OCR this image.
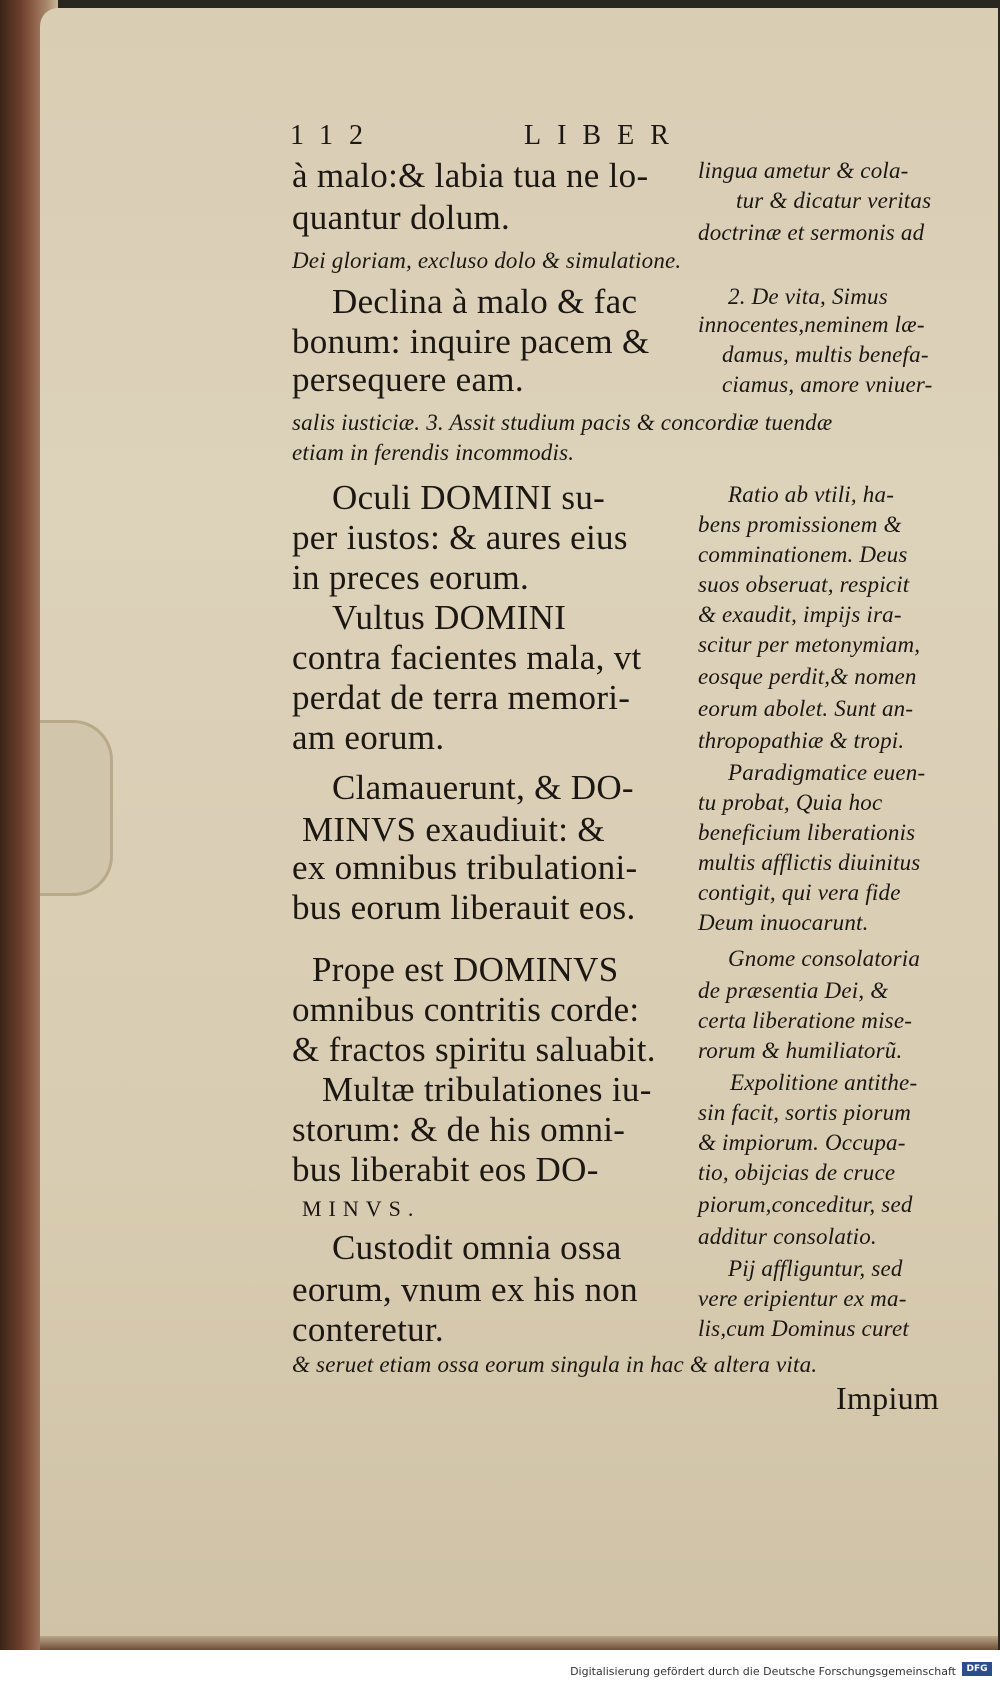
112	LIBER
à malo:& labia tua ne lo-
quantur dolum.
Declina à malo & fac
bonum: inquire pacem &
persequere eam.
Oculi DOMINI su-
per iustos: & aures eius
in preces eorum.
Vultus DOMINI
contra facientes mala, vt
perdat de terra memori-
am eorum.
Clamauerunt, & DO-
MINVS exaudiuit: &
ex omnibus tribulationi-
bus eorum liberauit eos.
Prope est DOMINVS
omnibus contritis corde:
& fractos spiritu saluabit.
Multæ tribulationes iu-
storum: & de his omni-
bus liberabit eos DO-
MINVS.
Custodit omnia ossa
eorum, vnum ex his non
conteretur.
lingua ametur & cola-
tur & dicatur veritas
doctrinæ et sermonis ad
Dei gloriam, excluso dolo & simulatione.
2. De vita, Simus
innocentes,neminem læ-
damus, multis benefa-
ciamus, amore vniuer-
salis iusticiæ. 3. Assit studium pacis & concordiæ tuendæ
etiam in ferendis incommodis.
Ratio ab vtili, ha-
bens promissionem &
comminationem. Deus
suos obseruat, respicit
& exaudit, impijs ira-
scitur per metonymiam,
eosque perdit,& nomen
eorum abolet. Sunt an-
thropopathiæ & tropi.
Paradigmatice euen-
tu probat, Quia hoc
beneficium liberationis
multis afflictis diuinitus
contigit, qui vera fide
Deum inuocarunt.
Gnome consolatoria
de præsentia Dei, &
certa liberatione mise-
rorum & humiliatorũ.
Expolitione antithe-
sin facit, sortis piorum
& impiorum. Occupa-
tio, obijcias de cruce
piorum,conceditur, sed
additur consolatio.
Pij affliguntur, sed
vere eripientur ex ma-
lis,cum Dominus curet
& seruet etiam ossa eorum singula in hac & altera vita.
Impium
Digitalisierung gefördert durch die Deutsche Forschungsgemeinschaft	DFG
